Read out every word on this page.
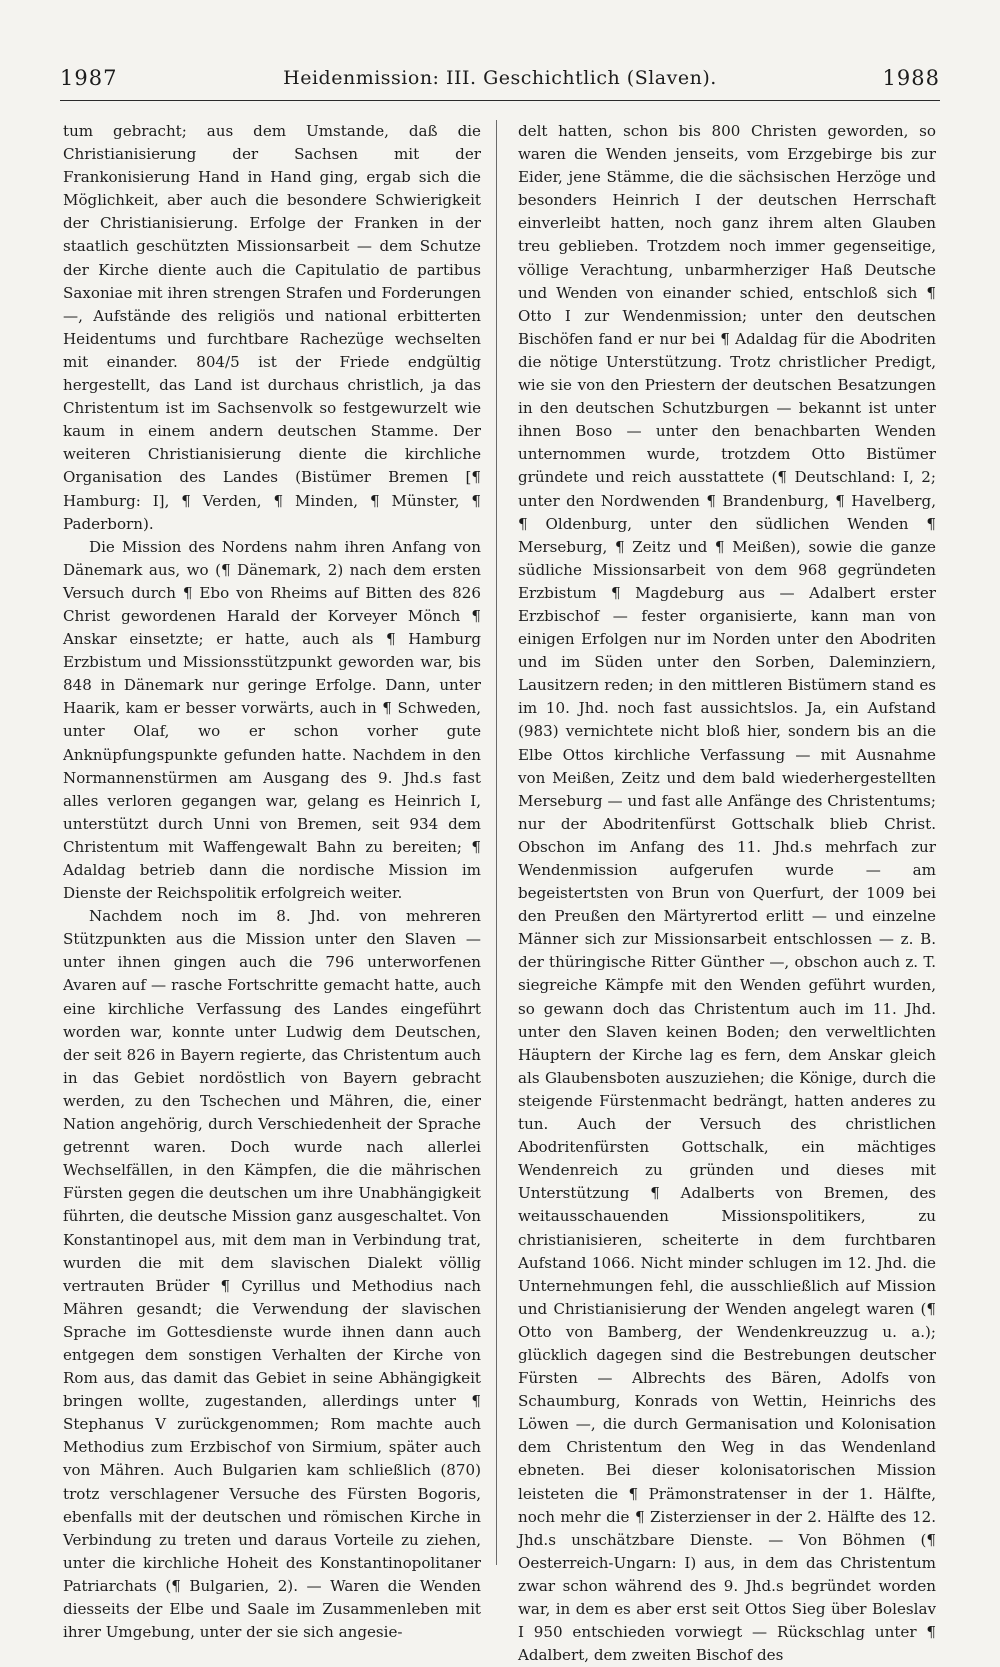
1987	Heidenmission: III. Geschichtlich (Slaven).	1988

tum gebracht; aus dem Umstande, daß die Christianisierung der Sachsen mit der Frankonisierung Hand in Hand ging, ergab sich die Möglichkeit, aber auch die besondere Schwierigkeit der Christianisierung. Erfolge der Franken in der staatlich geschützten Missionsarbeit — dem Schutze der Kirche diente auch die Capitulatio de partibus Saxoniae mit ihren strengen Strafen und Forderungen —, Aufstände des religiös und national erbitterten Heidentums und furchtbare Rachezüge wechselten mit einander. 804/5 ist der Friede endgültig hergestellt, das Land ist durchaus christlich, ja das Christentum ist im Sachsenvolk so festgewurzelt wie kaum in einem andern deutschen Stamme. Der weiteren Christianisierung diente die kirchliche Organisation des Landes (Bistümer Bremen [¶ Hamburg: I], ¶ Verden, ¶ Minden, ¶ Münster, ¶ Paderborn).

Die Mission des Nordens nahm ihren Anfang von Dänemark aus, wo (¶ Dänemark, 2) nach dem ersten Versuch durch ¶ Ebo von Rheims auf Bitten des 826 Christ gewordenen Harald der Korveyer Mönch ¶ Anskar einsetzte; er hatte, auch als ¶ Hamburg Erzbistum und Missionsstützpunkt geworden war, bis 848 in Dänemark nur geringe Erfolge. Dann, unter Haarik, kam er besser vorwärts, auch in ¶ Schweden, unter Olaf, wo er schon vorher gute Anknüpfungspunkte gefunden hatte. Nachdem in den Normannenstürmen am Ausgang des 9. Jhd.s fast alles verloren gegangen war, gelang es Heinrich I, unterstützt durch Unni von Bremen, seit 934 dem Christentum mit Waffengewalt Bahn zu bereiten; ¶ Adaldag betrieb dann die nordische Mission im Dienste der Reichspolitik erfolgreich weiter.

Nachdem noch im 8. Jhd. von mehreren Stützpunkten aus die Mission unter den Slaven — unter ihnen gingen auch die 796 unterworfenen Avaren auf — rasche Fortschritte gemacht hatte, auch eine kirchliche Verfassung des Landes eingeführt worden war, konnte unter Ludwig dem Deutschen, der seit 826 in Bayern regierte, das Christentum auch in das Gebiet nordöstlich von Bayern gebracht werden, zu den Tschechen und Mähren, die, einer Nation angehörig, durch Verschiedenheit der Sprache getrennt waren. Doch wurde nach allerlei Wechselfällen, in den Kämpfen, die die mährischen Fürsten gegen die deutschen um ihre Unabhängigkeit führten, die deutsche Mission ganz ausgeschaltet. Von Konstantinopel aus, mit dem man in Verbindung trat, wurden die mit dem slavischen Dialekt völlig vertrauten Brüder ¶ Cyrillus und Methodius nach Mähren gesandt; die Verwendung der slavischen Sprache im Gottesdienste wurde ihnen dann auch entgegen dem sonstigen Verhalten der Kirche von Rom aus, das damit das Gebiet in seine Abhängigkeit bringen wollte, zugestanden, allerdings unter ¶ Stephanus V zurückgenommen; Rom machte auch Methodius zum Erzbischof von Sirmium, später auch von Mähren. Auch Bulgarien kam schließlich (870) trotz verschlagener Versuche des Fürsten Bogoris, ebenfalls mit der deutschen und römischen Kirche in Verbindung zu treten und daraus Vorteile zu ziehen, unter die kirchliche Hoheit des Konstantinopolitaner Patriarchats (¶ Bulgarien, 2). — Waren die Wenden diesseits der Elbe und Saale im Zusammenleben mit ihrer Umgebung, unter der sie sich angesie-

delt hatten, schon bis 800 Christen geworden, so waren die Wenden jenseits, vom Erzgebirge bis zur Eider, jene Stämme, die die sächsischen Herzöge und besonders Heinrich I der deutschen Herrschaft einverleibt hatten, noch ganz ihrem alten Glauben treu geblieben. Trotzdem noch immer gegenseitige, völlige Verachtung, unbarmherziger Haß Deutsche und Wenden von einander schied, entschloß sich ¶ Otto I zur Wendenmission; unter den deutschen Bischöfen fand er nur bei ¶ Adaldag für die Abodriten die nötige Unterstützung. Trotz christlicher Predigt, wie sie von den Priestern der deutschen Besatzungen in den deutschen Schutzburgen — bekannt ist unter ihnen Boso — unter den benachbarten Wenden unternommen wurde, trotzdem Otto Bistümer gründete und reich ausstattete (¶ Deutschland: I, 2; unter den Nordwenden ¶ Brandenburg, ¶ Havelberg, ¶ Oldenburg, unter den südlichen Wenden ¶ Merseburg, ¶ Zeitz und ¶ Meißen), sowie die ganze südliche Missionsarbeit von dem 968 gegründeten Erzbistum ¶ Magdeburg aus — Adalbert erster Erzbischof — fester organisierte, kann man von einigen Erfolgen nur im Norden unter den Abodriten und im Süden unter den Sorben, Daleminziern, Lausitzern reden; in den mittleren Bistümern stand es im 10. Jhd. noch fast aussichtslos. Ja, ein Aufstand (983) vernichtete nicht bloß hier, sondern bis an die Elbe Ottos kirchliche Verfassung — mit Ausnahme von Meißen, Zeitz und dem bald wiederhergestellten Merseburg — und fast alle Anfänge des Christentums; nur der Abodritenfürst Gottschalk blieb Christ. Obschon im Anfang des 11. Jhd.s mehrfach zur Wendenmission aufgerufen wurde — am begeistertsten von Brun von Querfurt, der 1009 bei den Preußen den Märtyrertod erlitt — und einzelne Männer sich zur Missionsarbeit entschlossen — z. B. der thüringische Ritter Günther —, obschon auch z. T. siegreiche Kämpfe mit den Wenden geführt wurden, so gewann doch das Christentum auch im 11. Jhd. unter den Slaven keinen Boden; den verweltlichten Häuptern der Kirche lag es fern, dem Anskar gleich als Glaubensboten auszuziehen; die Könige, durch die steigende Fürstenmacht bedrängt, hatten anderes zu tun. Auch der Versuch des christlichen Abodritenfürsten Gottschalk, ein mächtiges Wendenreich zu gründen und dieses mit Unterstützung ¶ Adalberts von Bremen, des weitausschauenden Missionspolitikers, zu christianisieren, scheiterte in dem furchtbaren Aufstand 1066. Nicht minder schlugen im 12. Jhd. die Unternehmungen fehl, die ausschließlich auf Mission und Christianisierung der Wenden angelegt waren (¶ Otto von Bamberg, der Wendenkreuzzug u. a.); glücklich dagegen sind die Bestrebungen deutscher Fürsten — Albrechts des Bären, Adolfs von Schaumburg, Konrads von Wettin, Heinrichs des Löwen —, die durch Germanisation und Kolonisation dem Christentum den Weg in das Wendenland ebneten. Bei dieser kolonisatorischen Mission leisteten die ¶ Prämonstratenser in der 1. Hälfte, noch mehr die ¶ Zisterzienser in der 2. Hälfte des 12. Jhd.s unschätzbare Dienste. — Von Böhmen (¶ Oesterreich-Ungarn: I) aus, in dem das Christentum zwar schon während des 9. Jhd.s begründet worden war, in dem es aber erst seit Ottos Sieg über Boleslav I 950 entschieden vorwiegt — Rückschlag unter ¶ Adalbert, dem zweiten Bischof des
